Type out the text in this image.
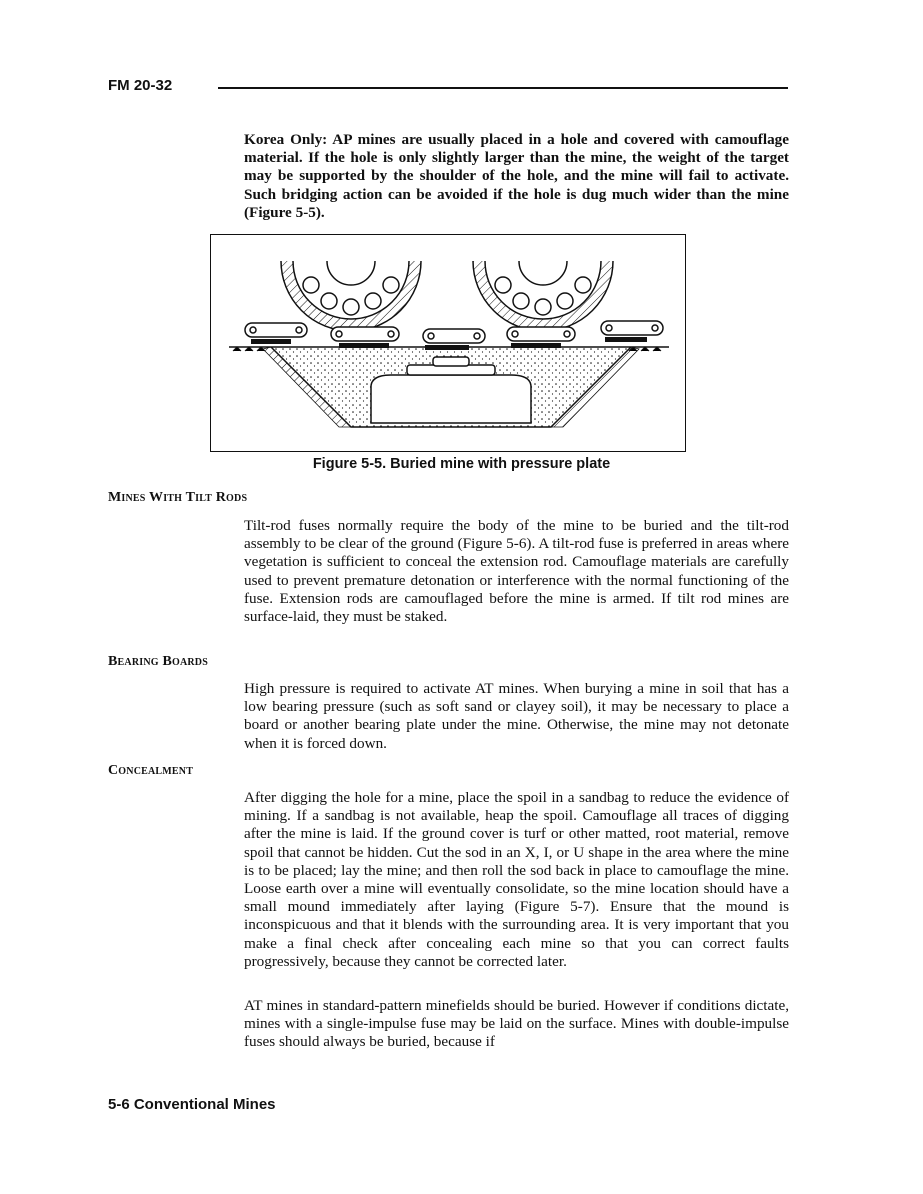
FM 20-32

Korea Only: AP mines are usually placed in a hole and covered with camouflage material. If the hole is only slightly larger than the mine, the weight of the target may be supported by the shoulder of the hole, and the mine will fail to activate. Such bridging action can be avoided if the hole is dug much wider than the mine (Figure 5-5).

Figure 5-5. Buried mine with pressure plate
Mines With Tilt Rods

Tilt-rod fuses normally require the body of the mine to be buried and the tilt-rod assembly to be clear of the ground (Figure 5-6). A tilt-rod fuse is preferred in areas where vegetation is sufficient to conceal the extension rod. Camouflage materials are carefully used to prevent premature detonation or interference with the normal functioning of the fuse. Extension rods are camouflaged before the mine is armed. If tilt rod mines are surface-laid, they must be staked.

Bearing Boards

High pressure is required to activate AT mines. When burying a mine in soil that has a low bearing pressure (such as soft sand or clayey soil), it may be necessary to place a board or another bearing plate under the mine. Otherwise, the mine may not detonate when it is forced down.

Concealment

After digging the hole for a mine, place the spoil in a sandbag to reduce the evidence of mining. If a sandbag is not available, heap the spoil. Camouflage all traces of digging after the mine is laid. If the ground cover is turf or other matted, root material, remove spoil that cannot be hidden. Cut the sod in an X, I, or U shape in the area where the mine is to be placed; lay the mine; and then roll the sod back in place to camouflage the mine. Loose earth over a mine will eventually consolidate, so the mine location should have a small mound immediately after laying (Figure 5-7). Ensure that the mound is inconspicuous and that it blends with the surrounding area. It is very important that you make a final check after concealing each mine so that you can correct faults progressively, because they cannot be corrected later.

AT mines in standard-pattern minefields should be buried. However if conditions dictate, mines with a single-impulse fuse may be laid on the surface. Mines with double-impulse fuses should always be buried, because if

5-6 Conventional Mines
